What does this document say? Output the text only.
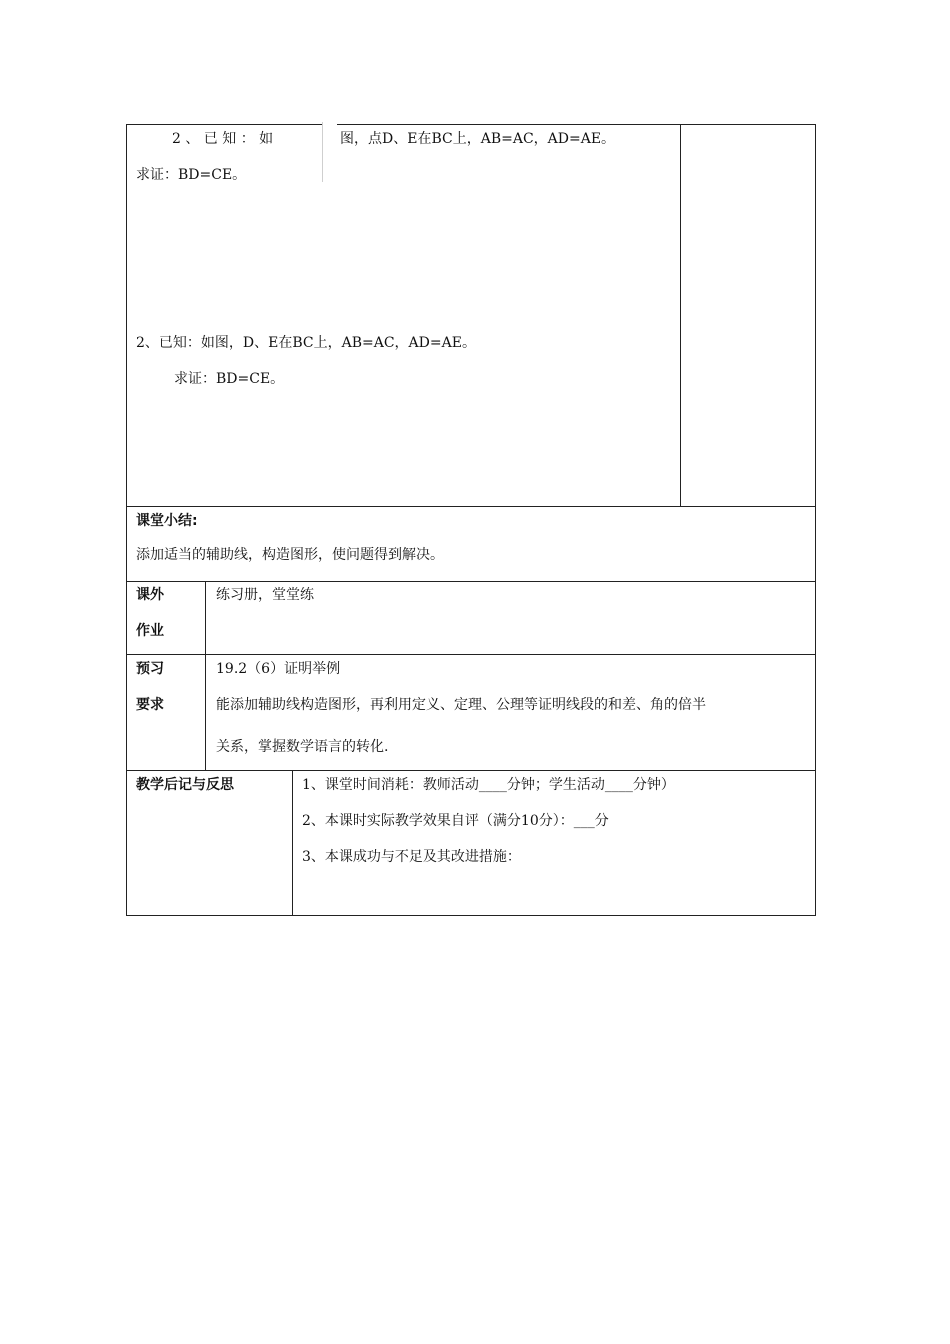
2 、 已 知 ： 如	图，点D、E在BC上，AB=AC，AD=AE。
求证：BD=CE。
2、已知：如图，D、E在BC上，AB=AC，AD=AE。
求证：BD=CE。
课堂小结:
添加适当的辅助线，构造图形，使问题得到解决。
课外
作业
练习册，堂堂练
预习
要求
19.2（6）证明举例
能添加辅助线构造图形，再利用定义、定理、公理等证明线段的和差、角的倍半
关系，掌握数学语言的转化.
教学后记与反思	1、课堂时间消耗：教师活动____分钟；学生活动____分钟）
2、本课时实际教学效果自评（满分10分）：___分
3、本课成功与不足及其改进措施：
